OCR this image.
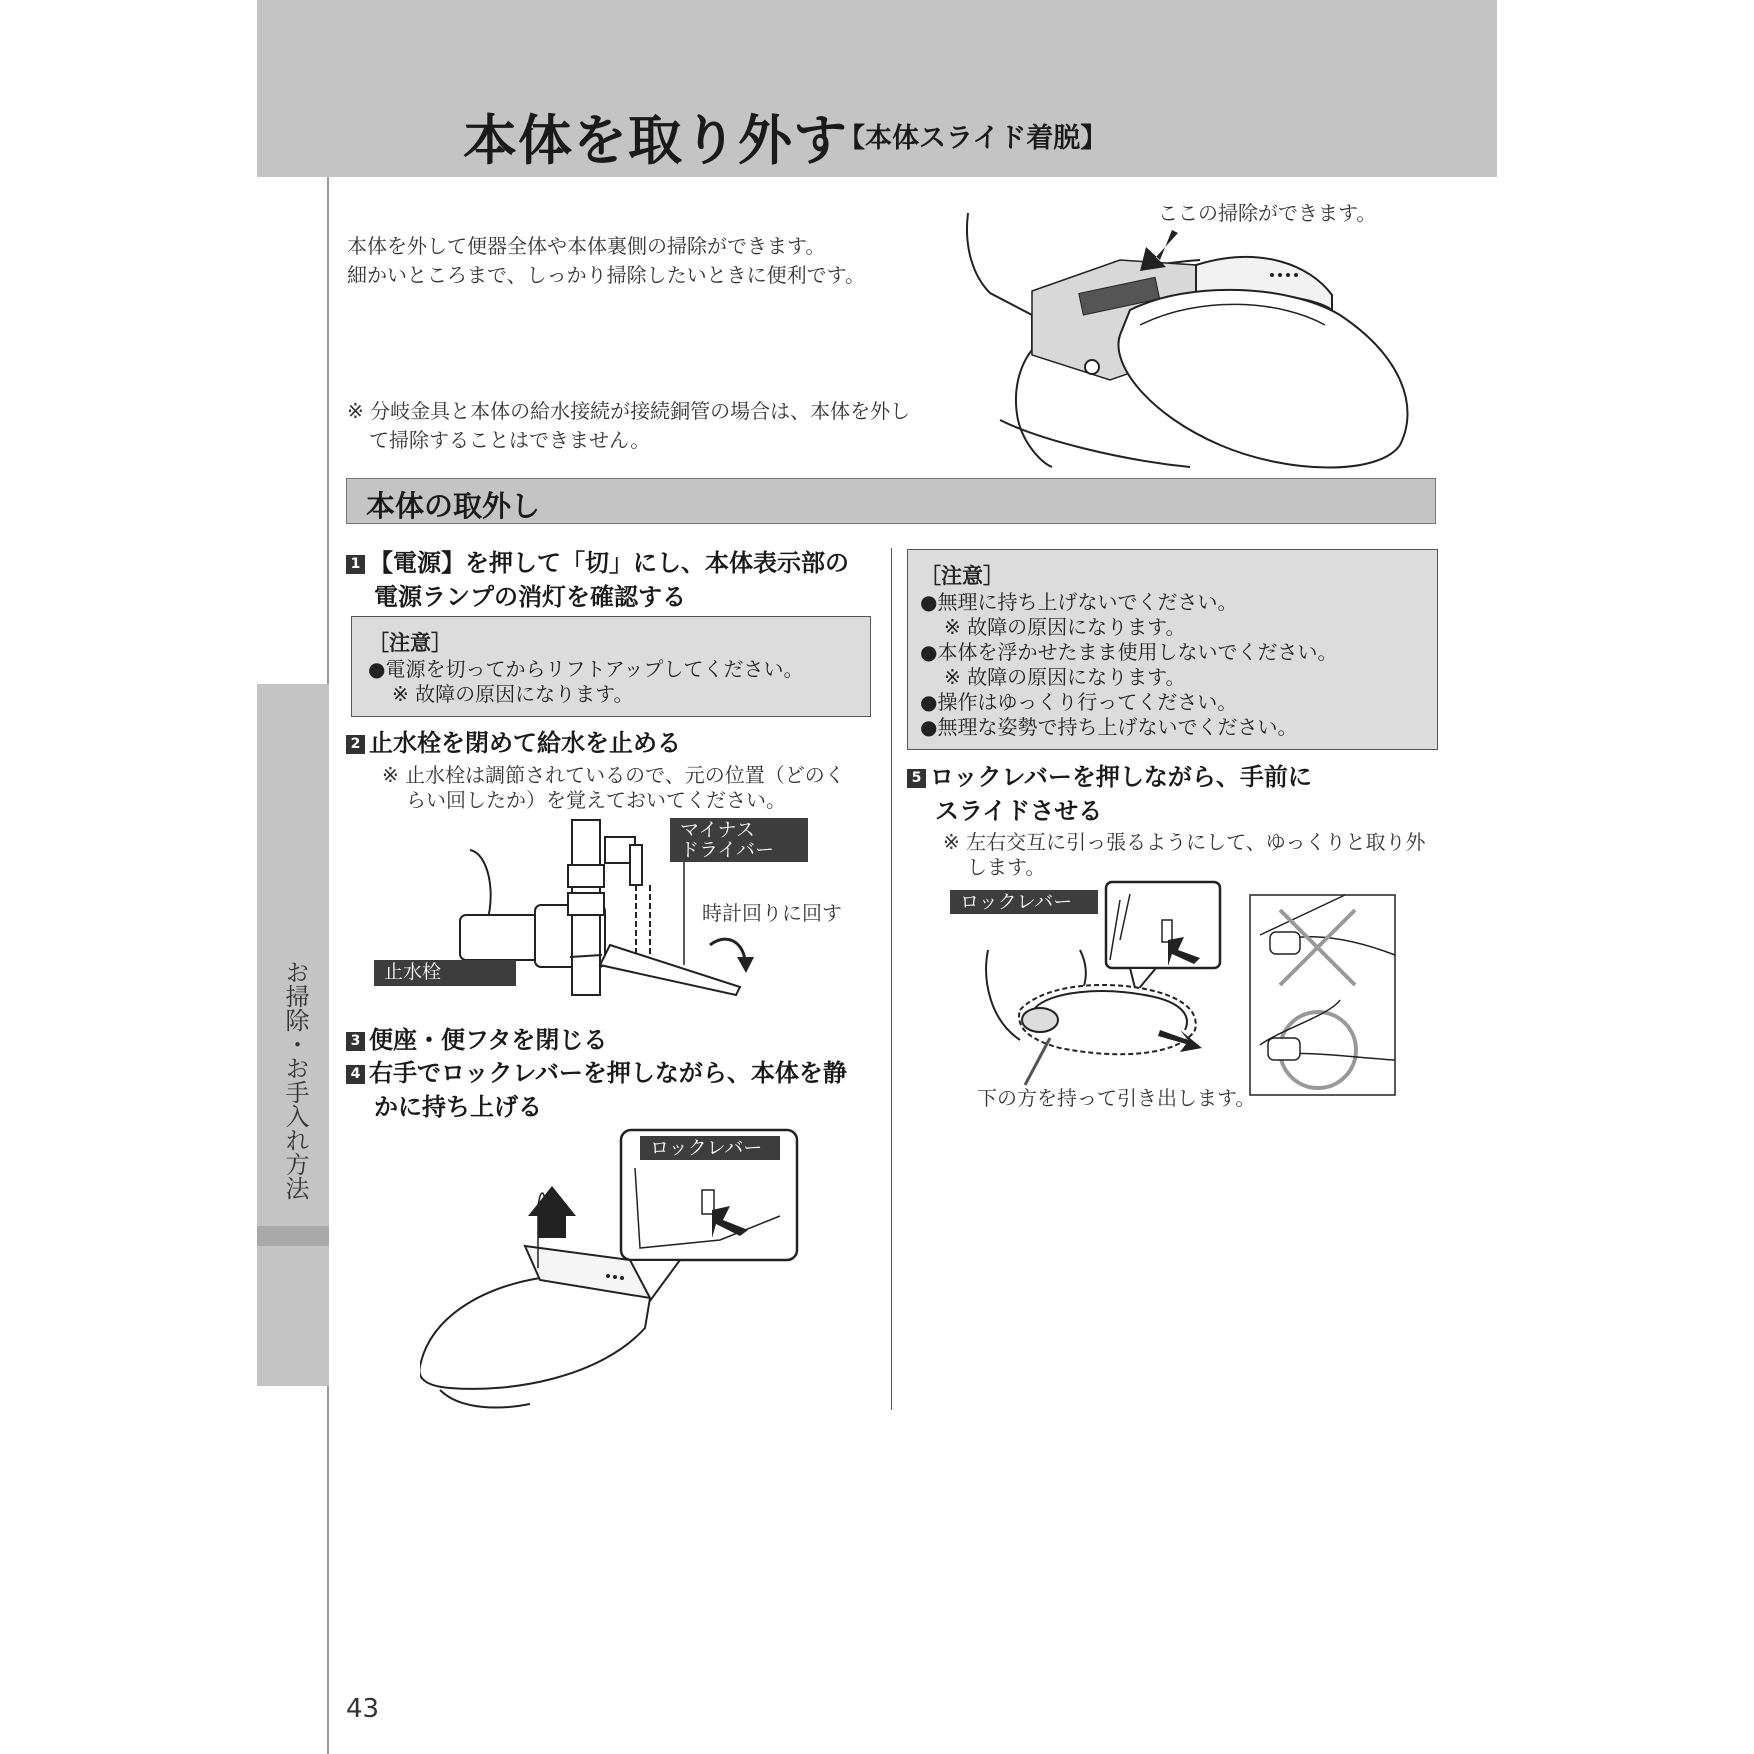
本体を取り外す
【本体スライド着脱】
お掃除・お手入れ方法
本体を外して便器全体や本体裏側の掃除ができます。
細かいところまで、しっかり掃除したいときに便利です。
※ 分岐金具と本体の給水接続が接続銅管の場合は、本体を外し
て掃除することはできません。
ここの掃除ができます。
本体の取外し
1 【電源】を押して「切」にし、本体表示部の
電源ランプの消灯を確認する
［注意］
●電源を切ってからリフトアップしてください。
※ 故障の原因になります。
2 止水栓を閉めて給水を止める
※ 止水栓は調節されているので、元の位置（どのく
らい回したか）を覚えておいてください。
マイナス
ドライバー
時計回りに回す
止水栓
3 便座・便フタを閉じる
4 右手でロックレバーを押しながら、本体を静
かに持ち上げる
ロックレバー
［注意］
●無理に持ち上げないでください。
※ 故障の原因になります。
●本体を浮かせたまま使用しないでください。
※ 故障の原因になります。
●操作はゆっくり行ってください。
●無理な姿勢で持ち上げないでください。
5 ロックレバーを押しながら、手前に
スライドさせる
※ 左右交互に引っ張るようにして、ゆっくりと取り外
します。
ロックレバー
下の方を持って引き出します。
43
